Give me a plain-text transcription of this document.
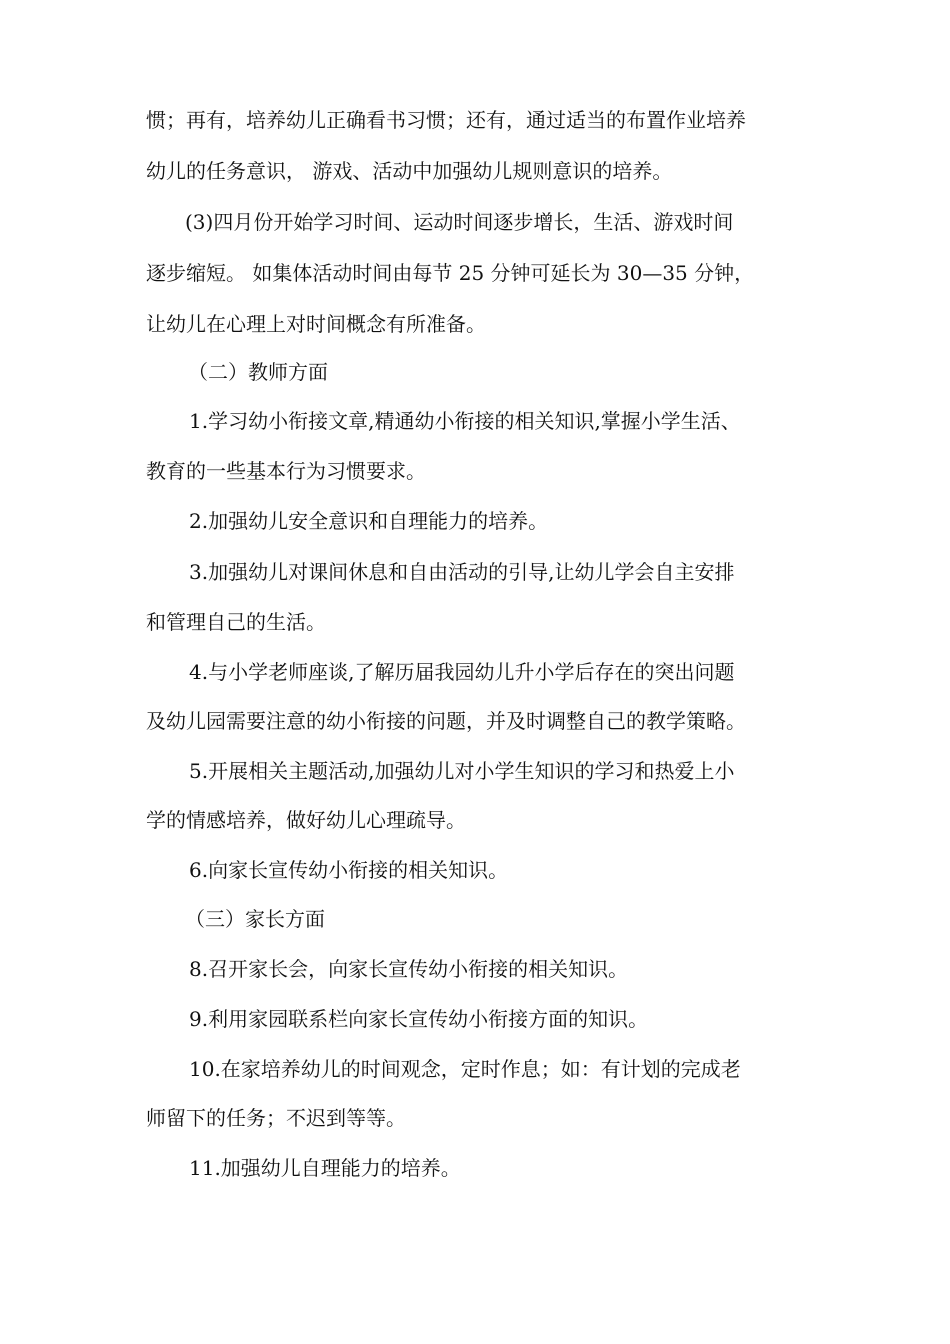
惯；再有，培养幼儿正确看书习惯；还有，通过适当的布置作业培养
幼儿的任务意识， 游戏、活动中加强幼儿规则意识的培养。
(3)四月份开始学习时间、运动时间逐步增长，生活、游戏时间
逐步缩短。 如集体活动时间由每节 25 分钟可延长为 30—35 分钟，
让幼儿在心理上对时间概念有所准备。
（二）教师方面
1.学习幼小衔接文章,精通幼小衔接的相关知识,掌握小学生活、
教育的一些基本行为习惯要求。
2.加强幼儿安全意识和自理能力的培养。
3.加强幼儿对课间休息和自由活动的引导,让幼儿学会自主安排
和管理自己的生活。
4.与小学老师座谈,了解历届我园幼儿升小学后存在的突出问题
及幼儿园需要注意的幼小衔接的问题，并及时调整自己的教学策略。
5.开展相关主题活动,加强幼儿对小学生知识的学习和热爱上小
学的情感培养，做好幼儿心理疏导。
6.向家长宣传幼小衔接的相关知识。
（三）家长方面
8.召开家长会，向家长宣传幼小衔接的相关知识。
9.利用家园联系栏向家长宣传幼小衔接方面的知识。
10.在家培养幼儿的时间观念，定时作息；如：有计划的完成老
师留下的任务；不迟到等等。
11.加强幼儿自理能力的培养。
